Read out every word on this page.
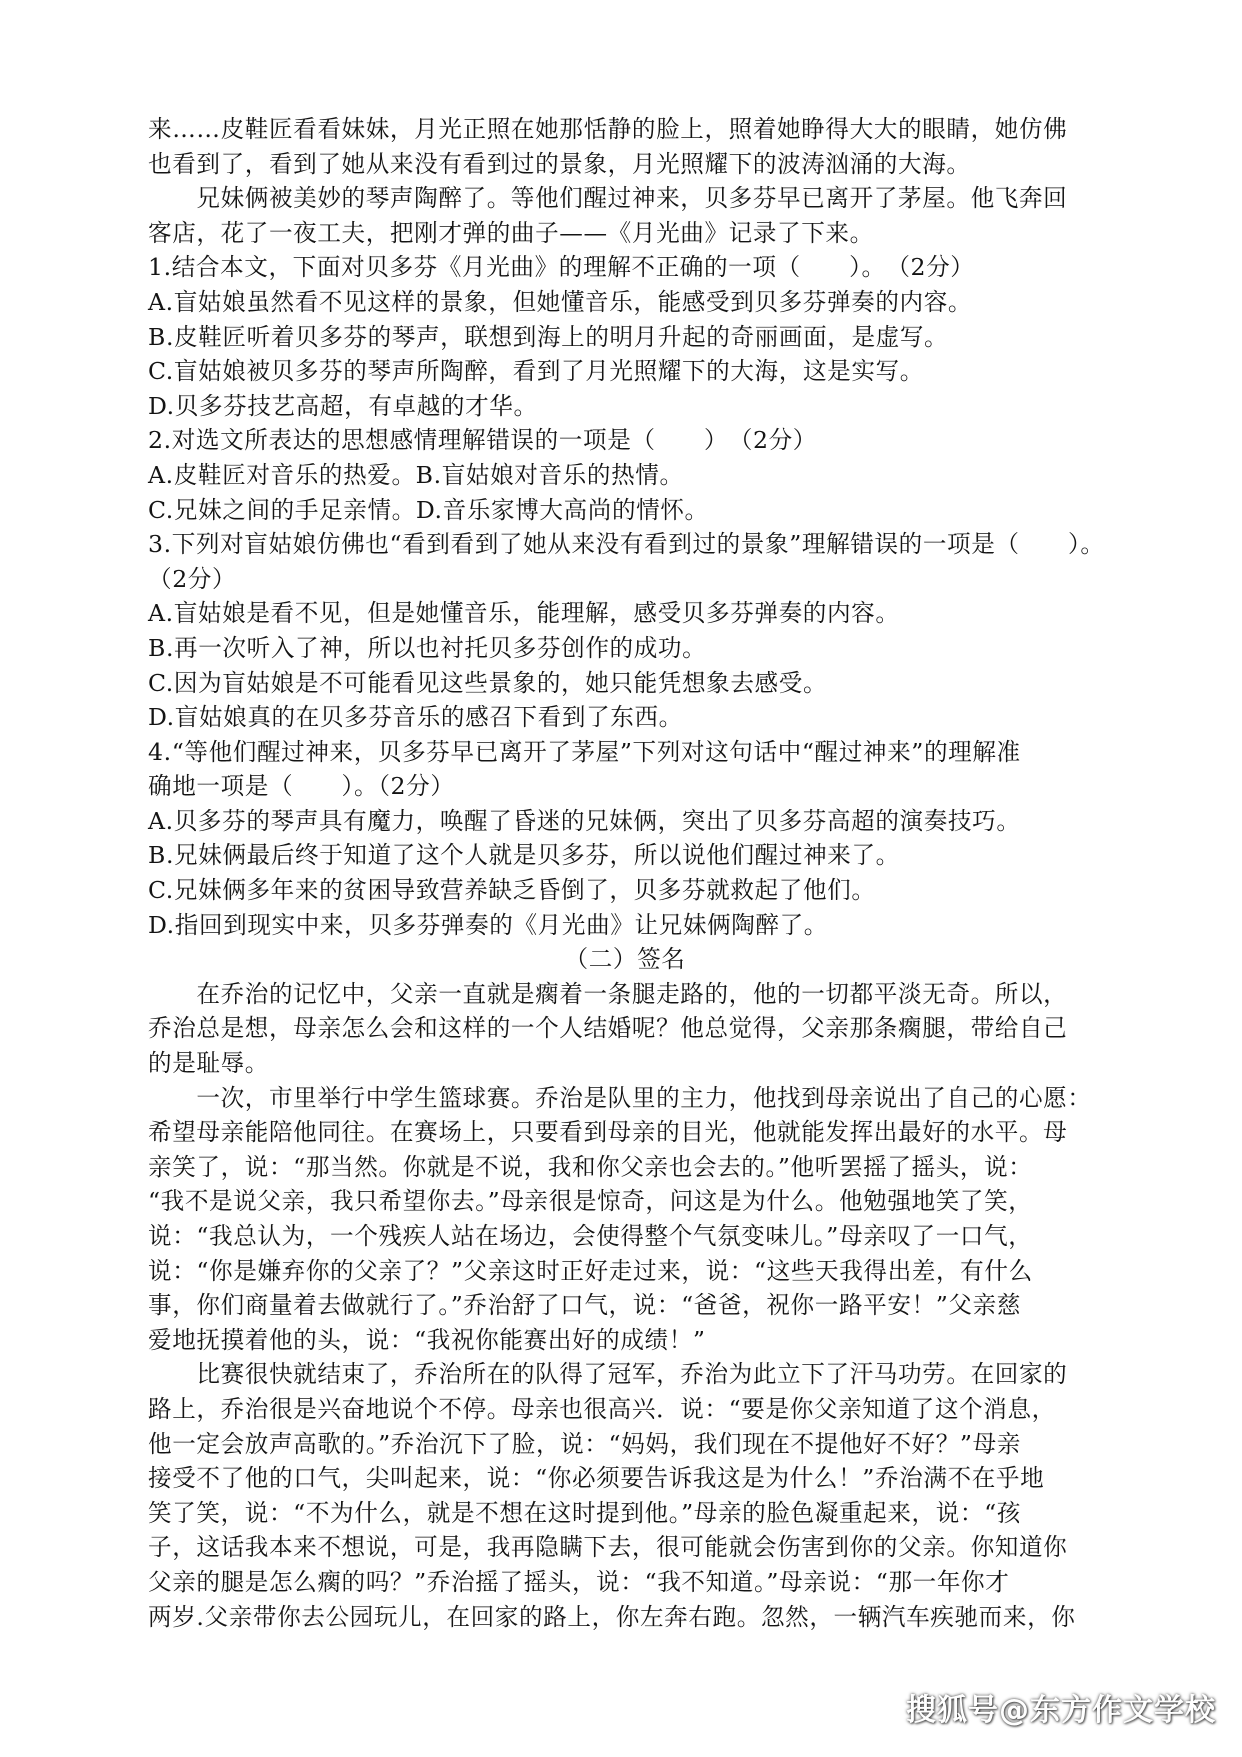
来……皮鞋匠看看妹妹，月光正照在她那恬静的脸上，照着她睁得大大的眼睛，她仿佛
也看到了，看到了她从来没有看到过的景象，月光照耀下的波涛汹涌的大海。
　　兄妹俩被美妙的琴声陶醉了。等他们醒过神来，贝多芬早已离开了茅屋。他飞奔回
客店，花了一夜工夫，把刚才弹的曲子——《月光曲》记录了下来。
1.结合本文，下面对贝多芬《月光曲》的理解不正确的一项（　　）。　（2分）
A.盲姑娘虽然看不见这样的景象，但她懂音乐，能感受到贝多芬弹奏的内容。
B.皮鞋匠听着贝多芬的琴声，联想到海上的明月升起的奇丽画面，是虚写。
C.盲姑娘被贝多芬的琴声所陶醉，看到了月光照耀下的大海，这是实写。
D.贝多芬技艺高超，有卓越的才华。
2.对选文所表达的思想感情理解错误的一项是（　　）　（2分）
A.皮鞋匠对音乐的热爱。B.盲姑娘对音乐的热情。
C.兄妹之间的手足亲情。D.音乐家博大高尚的情怀。
3.下列对盲姑娘仿佛也“看到看到了她从来没有看到过的景象”理解错误的一项是（　　）。
（2分）
A.盲姑娘是看不见，但是她懂音乐，能理解，感受贝多芬弹奏的内容。
B.再一次听入了神，所以也衬托贝多芬创作的成功。
C.因为盲姑娘是不可能看见这些景象的，她只能凭想象去感受。
D.盲姑娘真的在贝多芬音乐的感召下看到了东西。
4.“等他们醒过神来，贝多芬早已离开了茅屋”下列对这句话中“醒过神来”的理解准
确地一项是（　　）。（2分）
A.贝多芬的琴声具有魔力，唤醒了昏迷的兄妹俩，突出了贝多芬高超的演奏技巧。
B.兄妹俩最后终于知道了这个人就是贝多芬，所以说他们醒过神来了。
C.兄妹俩多年来的贫困导致营养缺乏昏倒了，贝多芬就救起了他们。
D.指回到现实中来，贝多芬弹奏的《月光曲》让兄妹俩陶醉了。
（二）签名
　　在乔治的记忆中，父亲一直就是瘸着一条腿走路的，他的一切都平淡无奇。所以，
乔治总是想，母亲怎么会和这样的一个人结婚呢？他总觉得，父亲那条瘸腿，带给自己
的是耻辱。
　　一次，市里举行中学生篮球赛。乔治是队里的主力，他找到母亲说出了自己的心愿：
希望母亲能陪他同往。在赛场上，只要看到母亲的目光，他就能发挥出最好的水平。母
亲笑了，说：“那当然。你就是不说，我和你父亲也会去的。”他听罢摇了摇头，说：
“我不是说父亲，我只希望你去。”母亲很是惊奇，问这是为什么。他勉强地笑了笑，
说：“我总认为，一个残疾人站在场边，会使得整个气氛变味儿。”母亲叹了一口气，
说：“你是嫌弃你的父亲了？”父亲这时正好走过来，说：“这些天我得出差，有什么
事，你们商量着去做就行了。”乔治舒了口气，说：“爸爸，祝你一路平安！”父亲慈
爱地抚摸着他的头，说：“我祝你能赛出好的成绩！”
　　比赛很快就结束了，乔治所在的队得了冠军，乔治为此立下了汗马功劳。在回家的
路上，乔治很是兴奋地说个不停。母亲也很高兴．说：“要是你父亲知道了这个消息，
他一定会放声高歌的。”乔治沉下了脸，说：“妈妈，我们现在不提他好不好？”母亲
接受不了他的口气，尖叫起来，说：“你必须要告诉我这是为什么！”乔治满不在乎地
笑了笑，说：“不为什么，就是不想在这时提到他。”母亲的脸色凝重起来，说：“孩
子，这话我本来不想说，可是，我再隐瞒下去，很可能就会伤害到你的父亲。你知道你
父亲的腿是怎么瘸的吗？”乔治摇了摇头，说：“我不知道。”母亲说：“那一年你才
两岁.父亲带你去公园玩儿，在回家的路上，你左奔右跑。忽然，一辆汽车疾驰而来，你
搜狐号@东方作文学校
